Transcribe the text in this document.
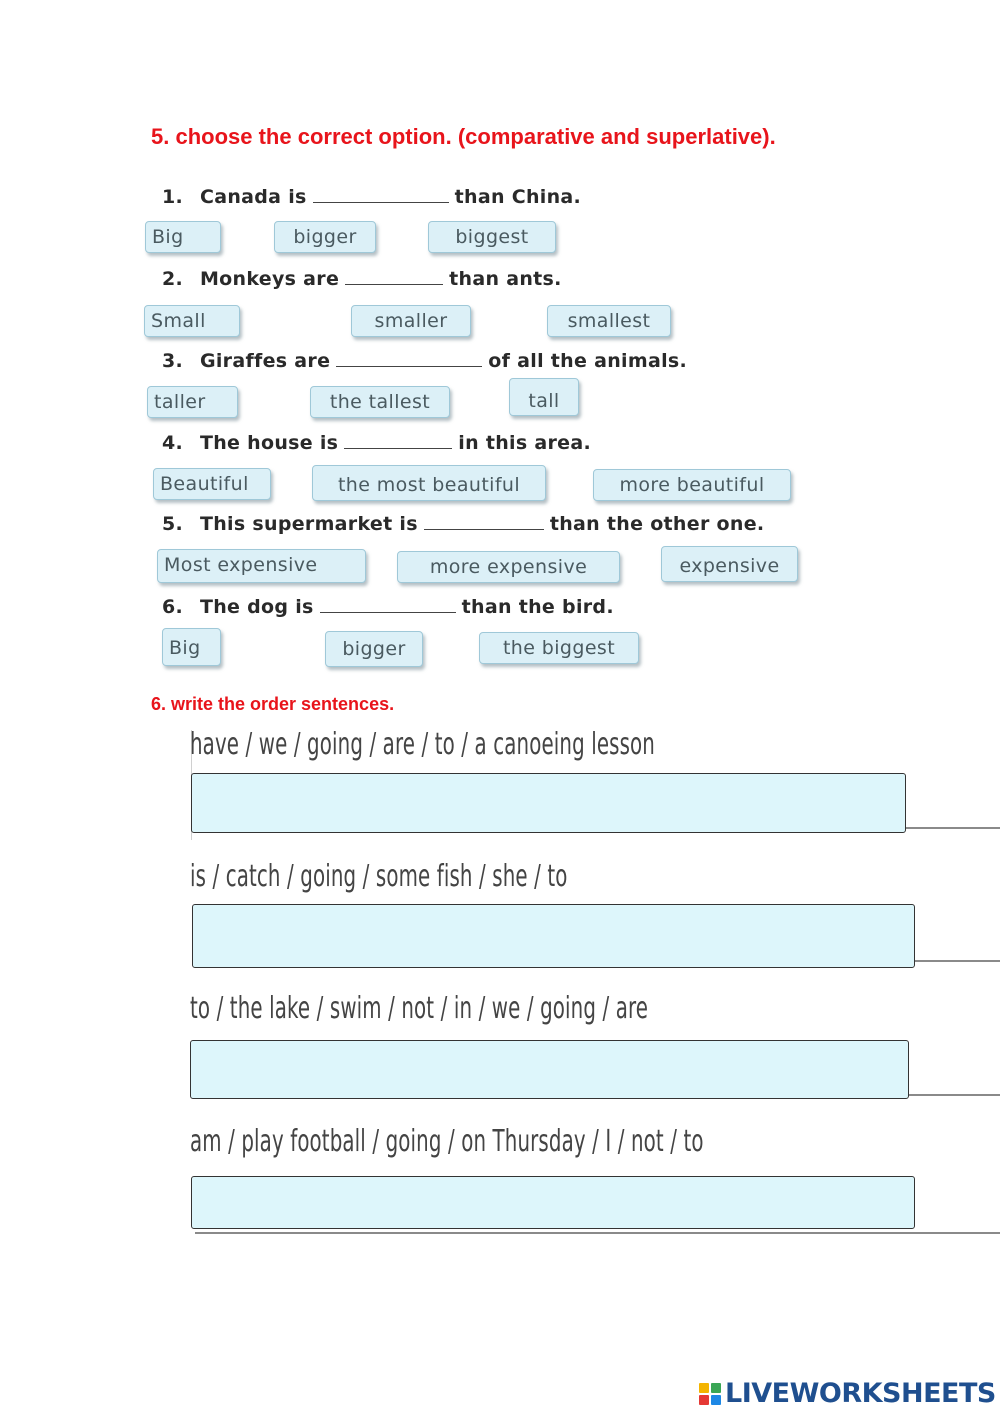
5. choose the correct option. (comparative and superlative).
1. Canada is	than China.
2. Monkeys are	than ants.
3. Giraffes are	of all the animals.
4. The house is	in this area.
5. This supermarket is	than the other one.
6. The dog is	than the bird.
Big	bigger	biggest
Small	smaller	smallest
taller	the tallest	tall
Beautiful	the most beautiful	more beautiful
Most expensive	more expensive	expensive
Big	bigger	the biggest
6. write the order sentences.
have / we / going / are / to / a canoeing lesson
is / catch / going / some fish / she / to
to / the lake / swim / not / in / we / going / are
am / play football / going / on Thursday / I / not / to
LIVEWORKSHEETS
